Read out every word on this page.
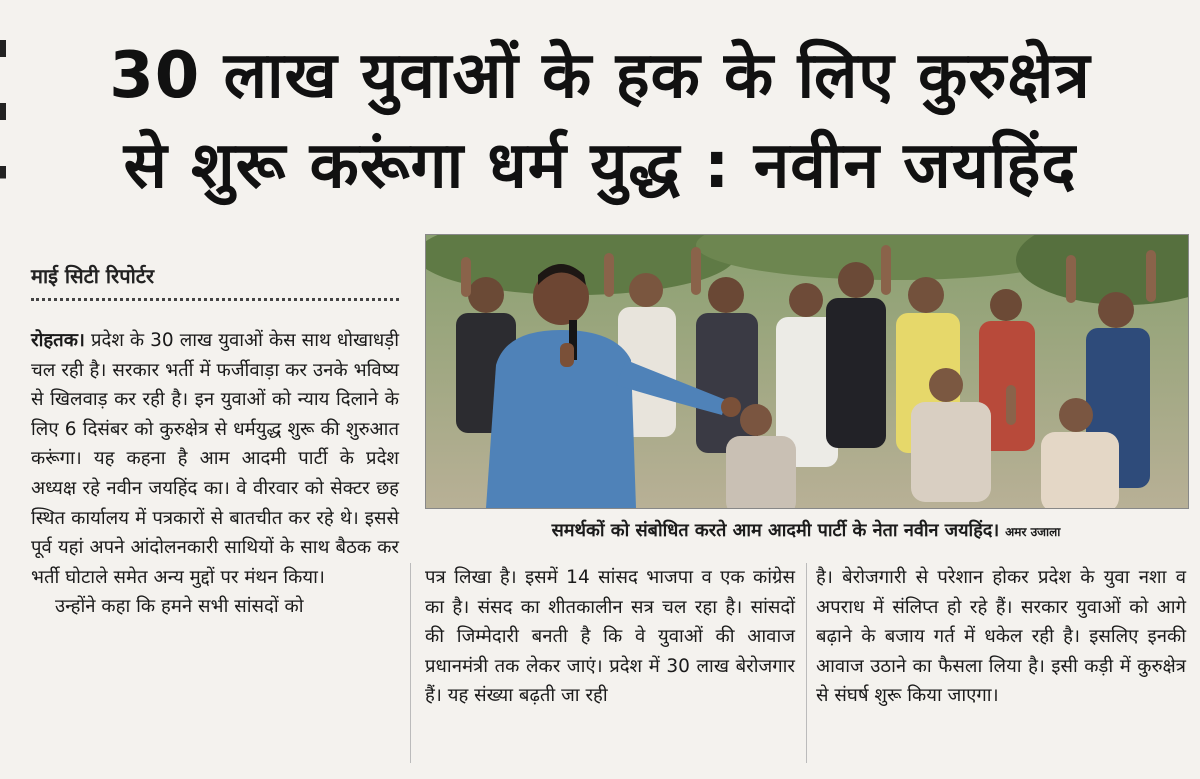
30 लाख युवाओं के हक के लिए कुरुक्षेत्र
से शुरू करूंगा धर्म युद्ध : नवीन जयहिंद
माई सिटी रिपोर्टर

रोहतक। प्रदेश के 30 लाख युवाओं केस साथ धोखाधड़ी चल रही है। सरकार भर्ती में फर्जीवाड़ा कर उनके भविष्य से खिलवाड़ कर रही है। इन युवाओं को न्याय दिलाने के लिए 6 दिसंबर को कुरुक्षेत्र से धर्मयुद्ध शुरू की शुरुआत करूंगा। यह कहना है आम आदमी पार्टी के प्रदेश अध्यक्ष रहे नवीन जयहिंद का। वे वीरवार को सेक्टर छह स्थित कार्यालय में पत्रकारों से बातचीत कर रहे थे। इससे पूर्व यहां अपने आंदोलनकारी साथियों के साथ बैठक कर भर्ती घोटाले समेत अन्य मुद्दों पर मंथन किया।

उन्होंने कहा कि हमने सभी सांसदों को

समर्थकों को संबोधित करते आम आदमी पार्टी के नेता नवीन जयहिंद। अमर उजाला

पत्र लिखा है। इसमें 14 सांसद भाजपा व एक कांग्रेस का है। संसद का शीतकालीन सत्र चल रहा है। सांसदों की जिम्मेदारी बनती है कि वे युवाओं की आवाज प्रधानमंत्री तक लेकर जाएं। प्रदेश में 30 लाख बेरोजगार हैं। यह संख्या बढ़ती जा रही

है। बेरोजगारी से परेशान होकर प्रदेश के युवा नशा व अपराध में संलिप्त हो रहे हैं। सरकार युवाओं को आगे बढ़ाने के बजाय गर्त में धकेल रही है। इसलिए इनकी आवाज उठाने का फैसला लिया है। इसी कड़ी में कुरुक्षेत्र से संघर्ष शुरू किया जाएगा।
